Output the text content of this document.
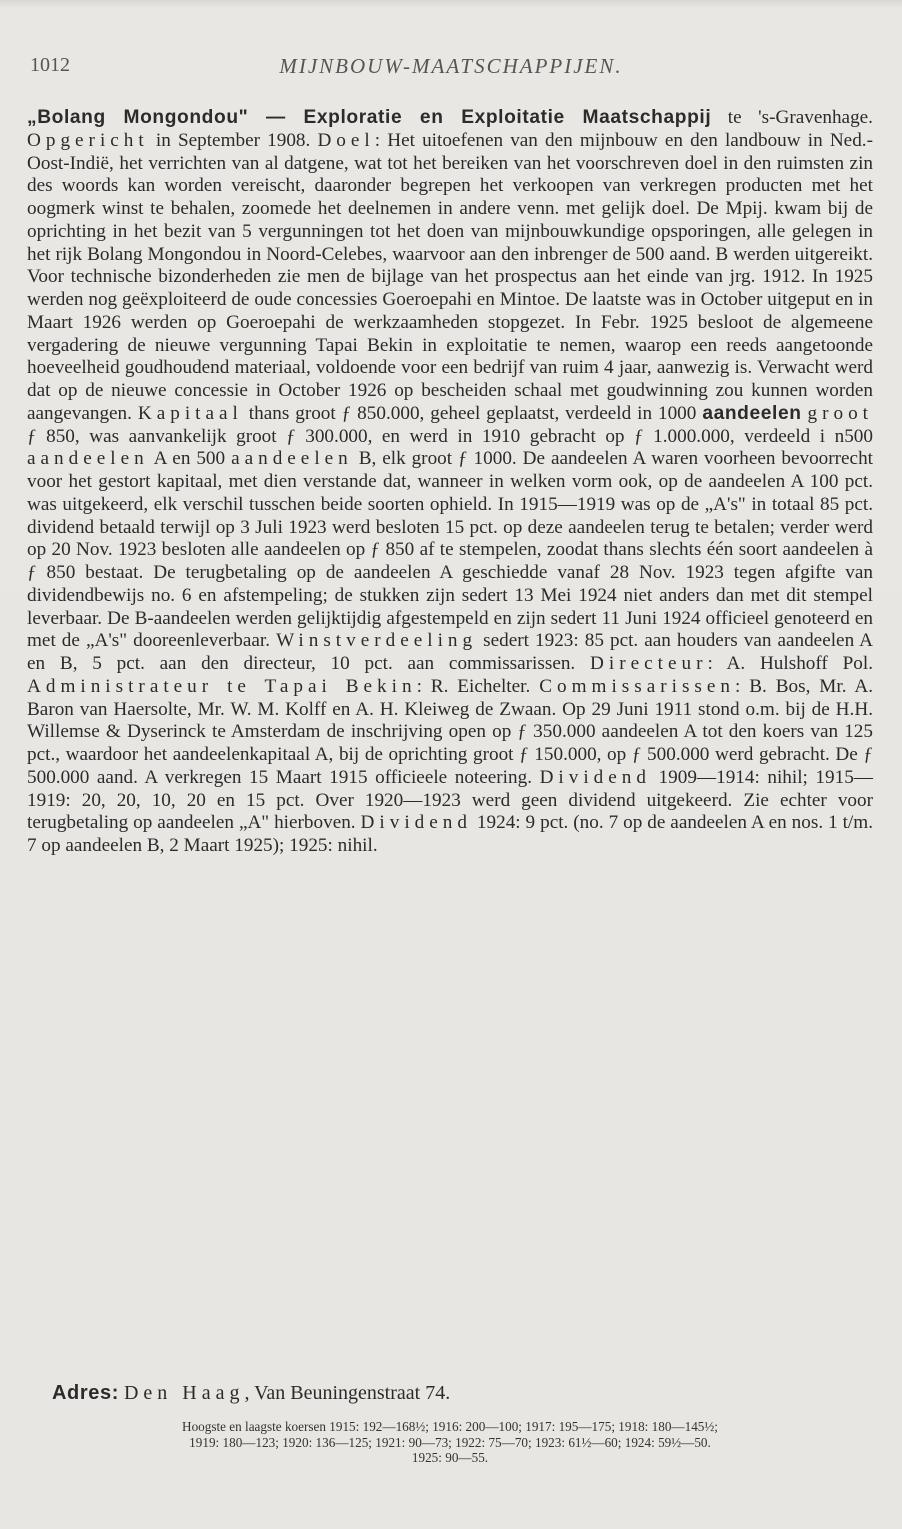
1012	MIJNBOUW-MAATSCHAPPIJEN.

„Bolang Mongondou" — Exploratie en Exploitatie Maatschappij te 's-Gravenhage. Opgericht in September 1908. Doel: Het uitoefenen van den mijnbouw en den landbouw in Ned.-Oost-Indië, het verrichten van al datgene, wat tot het bereiken van het voorschreven doel in den ruimsten zin des woords kan worden vereischt, daaronder begrepen het verkoopen van verkregen producten met het oogmerk winst te behalen, zoomede het deelnemen in andere venn. met gelijk doel. De Mpij. kwam bij de oprichting in het bezit van 5 vergunningen tot het doen van mijnbouwkundige opsporingen, alle gelegen in het rijk Bolang Mongondou in Noord-Celebes, waarvoor aan den inbrenger de 500 aand. B werden uitgereikt. Voor technische bizonderheden zie men de bijlage van het prospectus aan het einde van jrg. 1912. In 1925 werden nog geëxploiteerd de oude concessies Goeroepahi en Mintoe. De laatste was in October uitgeput en in Maart 1926 werden op Goeroepahi de werkzaamheden stopgezet. In Febr. 1925 besloot de algemeene vergadering de nieuwe vergunning Tapai Bekin in exploitatie te nemen, waarop een reeds aangetoonde hoeveelheid goudhoudend materiaal, voldoende voor een bedrijf van ruim 4 jaar, aanwezig is. Verwacht werd dat op de nieuwe concessie in October 1926 op bescheiden schaal met goudwinning zou kunnen worden aangevangen. Kapitaal thans groot ƒ 850.000, geheel geplaatst, verdeeld in 1000 aandeelen groot ƒ 850, was aanvankelijk groot ƒ 300.000, en werd in 1910 gebracht op ƒ 1.000.000, verdeeld i n500 aandeelen A en 500 aandeelen B, elk groot ƒ 1000. De aandeelen A waren voorheen bevoorrecht voor het gestort kapitaal, met dien verstande dat, wanneer in welken vorm ook, op de aandeelen A 100 pct. was uitgekeerd, elk verschil tusschen beide soorten ophield. In 1915—1919 was op de „A's" in totaal 85 pct. dividend betaald terwijl op 3 Juli 1923 werd besloten 15 pct. op deze aandeelen terug te betalen; verder werd op 20 Nov. 1923 besloten alle aandeelen op ƒ 850 af te stempelen, zoodat thans slechts één soort aandeelen à ƒ 850 bestaat. De terugbetaling op de aandeelen A geschiedde vanaf 28 Nov. 1923 tegen afgifte van dividendbewijs no. 6 en afstempeling; de stukken zijn sedert 13 Mei 1924 niet anders dan met dit stempel leverbaar. De B-aandeelen werden gelijktijdig afgestempeld en zijn sedert 11 Juni 1924 officieel genoteerd en met de „A's" dooreenleverbaar. Winstverdeeling sedert 1923: 85 pct. aan houders van aandeelen A en B, 5 pct. aan den directeur, 10 pct. aan commissarissen. Directeur: A. Hulshoff Pol. Administrateur te Tapai Bekin: R. Eichelter. Commissarissen: B. Bos, Mr. A. Baron van Haersolte, Mr. W. M. Kolff en A. H. Kleiweg de Zwaan. Op 29 Juni 1911 stond o.m. bij de H.H. Willemse & Dyserinck te Amsterdam de inschrijving open op ƒ 350.000 aandeelen A tot den koers van 125 pct., waardoor het aandeelenkapitaal A, bij de oprichting groot ƒ 150.000, op ƒ 500.000 werd gebracht. De ƒ 500.000 aand. A verkregen 15 Maart 1915 officieele noteering. Dividend 1909—1914: nihil; 1915—1919: 20, 20, 10, 20 en 15 pct. Over 1920—1923 werd geen dividend uitgekeerd. Zie echter voor terugbetaling op aandeelen „A" hierboven. Dividend 1924: 9 pct. (no. 7 op de aandeelen A en nos. 1 t/m. 7 op aandeelen B, 2 Maart 1925); 1925: nihil.

Adres: Den Haag, Van Beuningenstraat 74.
Hoogste en laagste koersen 1915: 192—168½; 1916: 200—100; 1917: 195—175; 1918: 180—145½;
1919: 180—123; 1920: 136—125; 1921: 90—73; 1922: 75—70; 1923: 61½—60; 1924: 59½—50.
1925: 90—55.
